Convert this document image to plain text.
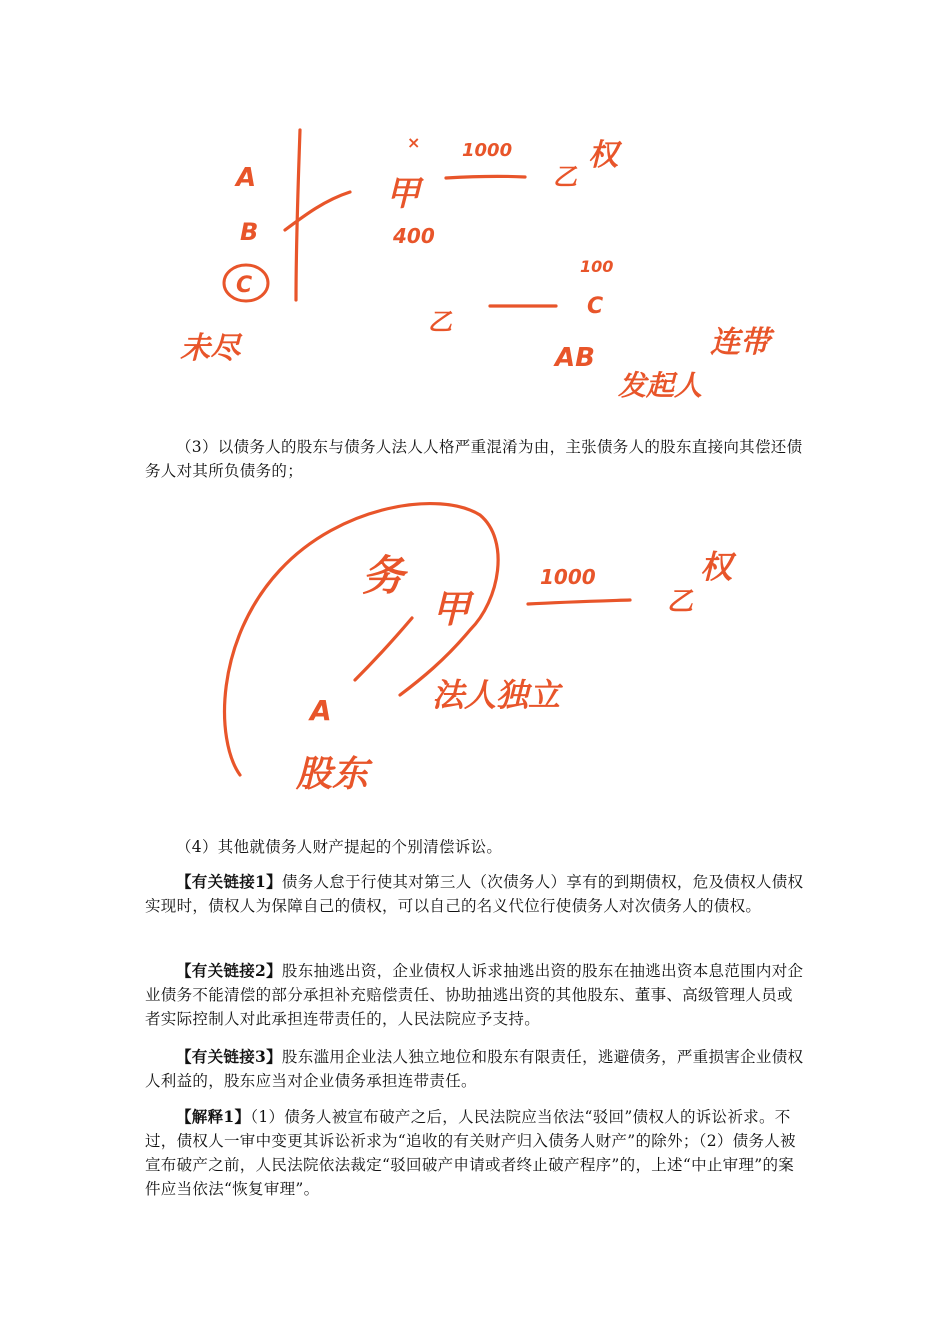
A
B
C
未尽
×
甲
400
1000
乙
权
100
乙
C
AB
发起人
连带

（3）以债务人的股东与债务人法人人格严重混淆为由，主张债务人的股东直接向其偿还债务人对其所负债务的；

务
甲
1000
乙
权
A	法人独立
股东

（4）其他就债务人财产提起的个别清偿诉讼。

【有关链接1】债务人怠于行使其对第三人（次债务人）享有的到期债权，危及债权人债权实现时，债权人为保障自己的债权，可以自己的名义代位行使债务人对次债务人的债权。

【有关链接2】股东抽逃出资，企业债权人诉求抽逃出资的股东在抽逃出资本息范围内对企业债务不能清偿的部分承担补充赔偿责任、协助抽逃出资的其他股东、董事、高级管理人员或者实际控制人对此承担连带责任的，人民法院应予支持。

【有关链接3】股东滥用企业法人独立地位和股东有限责任，逃避债务，严重损害企业债权人利益的，股东应当对企业债务承担连带责任。

【解释1】（1）债务人被宣布破产之后，人民法院应当依法“驳回”债权人的诉讼祈求。不过，债权人一审中变更其诉讼祈求为“追收的有关财产归入债务人财产”的除外；（2）债务人被宣布破产之前，人民法院依法裁定“驳回破产申请或者终止破产程序”的，上述“中止审理”的案件应当依法“恢复审理”。
